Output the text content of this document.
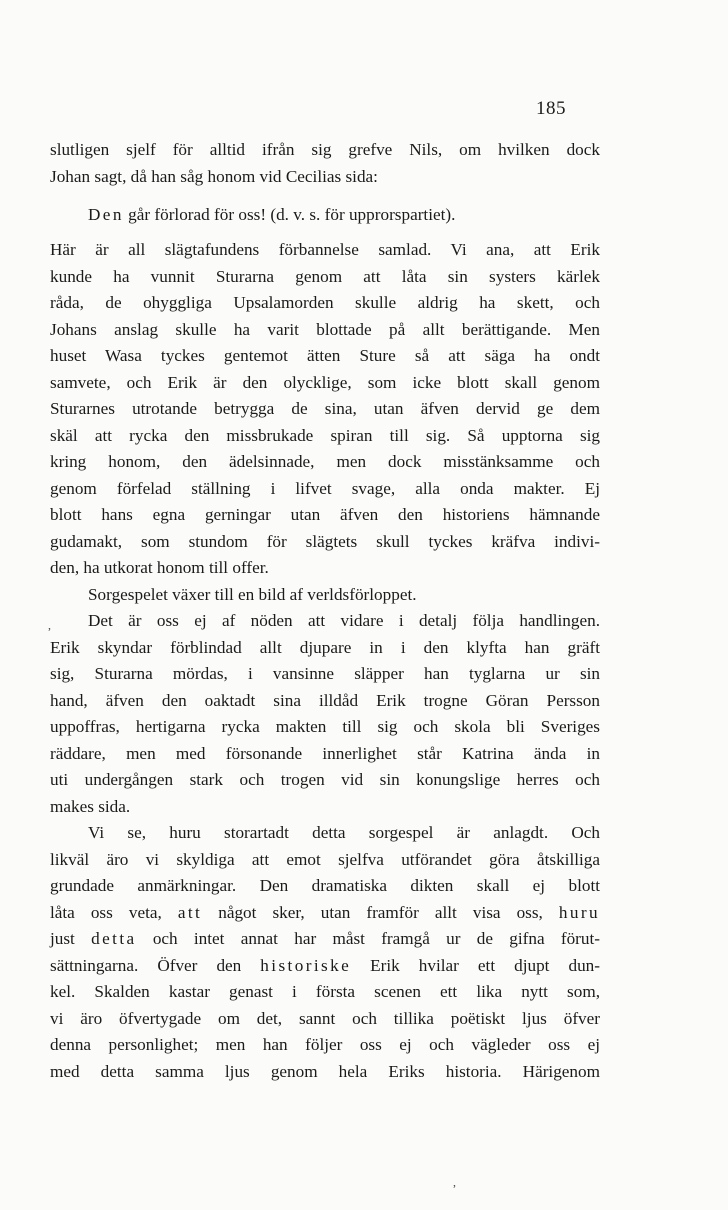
185
slutligen sjelf för alltid ifrån sig grefve Nils, om hvilken dock
Johan sagt, då han såg honom vid Cecilias sida:
Den går förlorad för oss! (d. v. s. för upprorspartiet).
Här är all slägtafundens förbannelse samlad. Vi ana, att Erik
kunde ha vunnit Sturarna genom att låta sin systers kärlek
råda, de ohyggliga Upsalamorden skulle aldrig ha skett, och
Johans anslag skulle ha varit blottade på allt berättigande. Men
huset Wasa tyckes gentemot ätten Sture så att säga ha ondt
samvete, och Erik är den olycklige, som icke blott skall genom
Sturarnes utrotande betrygga de sina, utan äfven dervid ge dem
skäl att rycka den missbrukade spiran till sig. Så upptorna sig
kring honom, den ädelsinnade, men dock misstänksamme och
genom förfelad ställning i lifvet svage, alla onda makter. Ej
blott hans egna gerningar utan äfven den historiens hämnande
gudamakt, som stundom för slägtets skull tyckes kräfva indivi-
den, ha utkorat honom till offer.
Sorgespelet växer till en bild af verldsförloppet.
Det är oss ej af nöden att vidare i detalj följa handlingen.
Erik skyndar förblindad allt djupare in i den klyfta han gräft
sig, Sturarna mördas, i vansinne släpper han tyglarna ur sin
hand, äfven den oaktadt sina illdåd Erik trogne Göran Persson
uppoffras, hertigarna rycka makten till sig och skola bli Sveriges
räddare, men med försonande innerlighet står Katrina ända in
uti undergången stark och trogen vid sin konungslige herres och
makes sida.
Vi se, huru storartadt detta sorgespel är anlagdt. Och
likväl äro vi skyldiga att emot sjelfva utförandet göra åtskilliga
grundade anmärkningar. Den dramatiska dikten skall ej blott
låta oss veta, att något sker, utan framför allt visa oss, huru
just detta och intet annat har måst framgå ur de gifna förut-
sättningarna. Öfver den historiske Erik hvilar ett djupt dun-
kel. Skalden kastar genast i första scenen ett lika nytt som,
vi äro öfvertygade om det, sannt och tillika poëtiskt ljus öfver
denna personlighet; men han följer oss ej och vägleder oss ej
med detta samma ljus genom hela Eriks historia. Härigenom
,
,
